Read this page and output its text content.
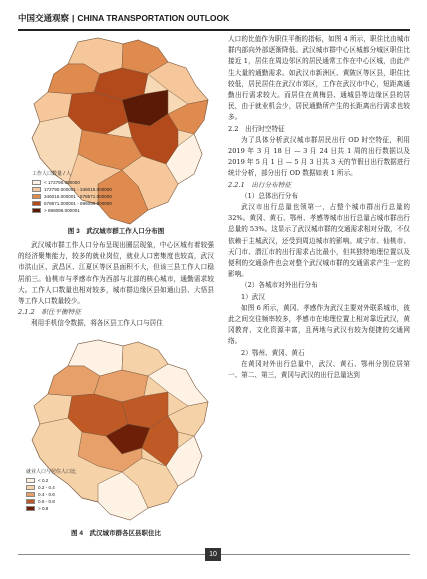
中国交通观察 | CHINA TRANSPORTATION OUTLOOK
工作人口数量 / 人
< 172790.000000
172790.000001 - 346015.000000
346015.000001 - 578571.000000
578571.000001 - 896096.000000
> 896096.000001
图 3　武汉城市群工作人口分布图

武汉城市群工作人口分布呈现出圈层现象，中心区城有着较强的经济聚集能力，较多的就业岗位，就业人口密集度也较高，武汉市洪山区、武昌区、江夏区等区县面积不大，但该三县工作人口稳居前三。仙桃市与孝感市作为西部与北部的核心城市，通勤需求较大。工作人口数量也相对较多，城市群边缘区县如通山县、大悟县等工作人口数量较少。

2.1.2　职住平衡特征

利用手机信令数据，将各区县工作人口与居住

就业人口与居住人口比
< 0.2
0.2 - 0.4
0.4 - 0.6
0.6 - 0.8
> 0.8
图 4　武汉城市群各区县职住比

人口的比值作为职住平衡的指标，如图 4 所示，职住比由城市群内部向外部逐渐降低。武汉城市群中心区城都分城区职住比接近 1，居住在周边邻区的居民通常工作在中心区城，由此产生大量的通勤需求。如武汉市新洲区、黄陂区等区县，职住比较低，居民居住在武汉市郊区，工作在武汉市中心，短距离通勤出行需求较大。而居住在黄梅县、通城县等边缘区县的居民，由于就业机会少，居民通勤所产生的长距离出行需求也较多。

2.2　出行时空特征

为了具体分析武汉城市群居民出行 OD 时空特征，利用 2019 年 3 月 18 日 — 3 月 24 日共 1 周的出行数据以及 2019 年 5 月 1 日 — 5 月 3 日共 3 天的节假日出行数据进行统计分析，部分出行 OD 数据如表 1 所示。

2.2.1　出行分布特征

（1）总体出行分布

武汉市出行总量也领第一，占整个城市群出行总量的 32%。黄冈、黄石、鄂州、孝感等城市出行总量占城市群出行总量的 53%。这显示了武汉城市群的交通需求相对分散，不仅依赖于主城武汉，还受到周边城市的影响。咸宁市、仙桃市、天门市、潜江市的出行需求占比最小，但其独特地理位置以及便利的交通条件也会对整个武汉城市群的交通需求产生一定的影响。

（2）各城市对外出行分布

1）武汉

如图 6 所示，黄冈、孝感作为武汉主要对外联系城市，彼此之间交往频率较多，孝感市在地理位置上相对靠近武汉，黄冈教育、文化资源丰富，且两地与武汉有较为便捷的交通网络。

2）鄂州、黄冈、黄石

在黄冈对外出行总量中，武汉、黄石、鄂州分别位居第一、第二、第三，黄冈与武汉的出行总量达到

10
